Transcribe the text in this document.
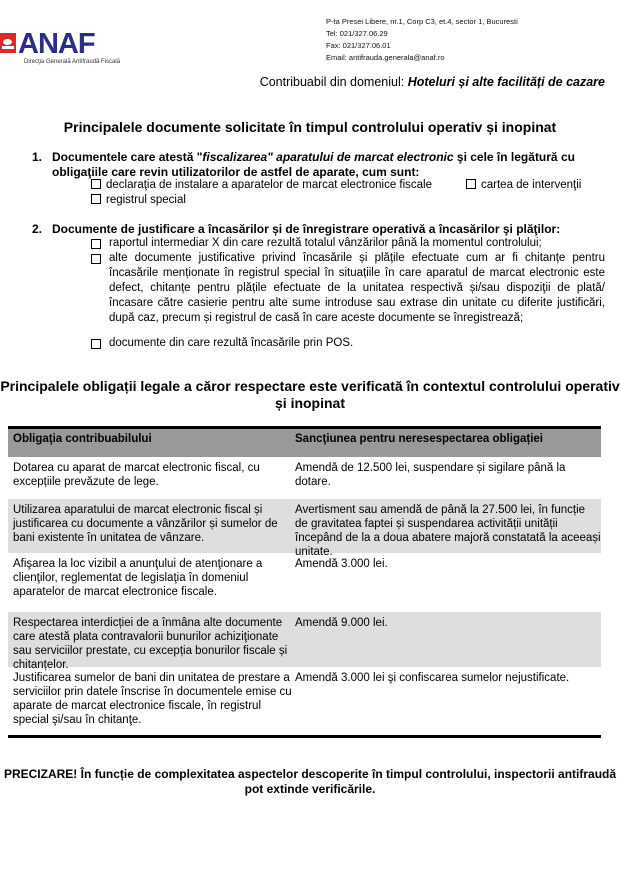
ANAF
Direcţia Generală Antifraudă Fiscală
P-ta Presei Libere, nr.1, Corp C3, et.4, sector 1, Bucuresti
Tel: 021/327.06.29
Fax: 021/327.06.01
Email: antifrauda.generala@anaf.ro
Contribuabil din domeniul: Hoteluri și alte facilități de cazare
Principalele documente solicitate în timpul controlului operativ și inopinat
1. Documentele care atestă "fiscalizarea" aparatului de marcat electronic şi cele în legătură cu obligaţiile care revin utilizatorilor de astfel de aparate, cum sunt:
declaraţia de instalare a aparatelor de marcat electronice fiscale	cartea de intervenţii
registrul special
2. Documente de justificare a încasărilor și de înregistrare operativă a încasărilor şi plăţilor:
raportul intermediar X din care rezultă totalul vânzărilor până la momentul controlului;
alte documente justificative privind încasările și plățile efectuate cum ar fi chitanțe pentru încasările menționate în registrul special în situațiile în care aparatul de marcat electronic este defect, chitanțe pentru plățile efectuate de la unitatea respectivă și/sau dispoziţii de plată/încasare către casierie pentru alte sume introduse sau extrase din unitate cu diferite justificări, după caz, precum și registrul de casă în care aceste documente se înregistrează;
documente din care rezultă încasările prin POS.
Principalele obligații legale a căror respectare este verificată în contextul controlului operativ și inopinat
Obligaţia contribuabilului	Sancţiunea pentru neresespectarea obligației
Dotarea cu aparat de marcat electronic fiscal, cu excepțiile prevăzute de lege.
Amendă de 12.500 lei, suspendare și sigilare până la dotare.
Utilizarea aparatului de marcat electronic fiscal și justificarea cu documente a vânzărilor și sumelor de bani existente în unitatea de vânzare.
Avertisment sau amendă de până la 27.500 lei, în funcție de gravitatea faptei și suspendarea activității unității începând de la a doua abatere majoră constatată la aceeași unitate.
Afişarea la loc vizibil a anunţului de atenţionare a clienţilor, reglementat de legislaţia în domeniul aparatelor de marcat electronice fiscale.
Amendă 3.000 lei.
Respectarea interdicției de a înmâna alte documente care atestă plata contravalorii bunurilor achiziţionate sau serviciilor prestate, cu excepția bonurilor fiscale și chitanțelor.
Amendă 9.000 lei.
Justificarea sumelor de bani din unitatea de prestare a serviciilor prin datele înscrise în documentele emise cu aparate de marcat electronice fiscale, în registrul special şi/sau în chitanţe.
Amendă 3.000 lei şi confiscarea sumelor nejustificate.
PRECIZARE! În funcție de complexitatea aspectelor descoperite în timpul controlului, inspectorii antifraudă pot extinde verificările.
